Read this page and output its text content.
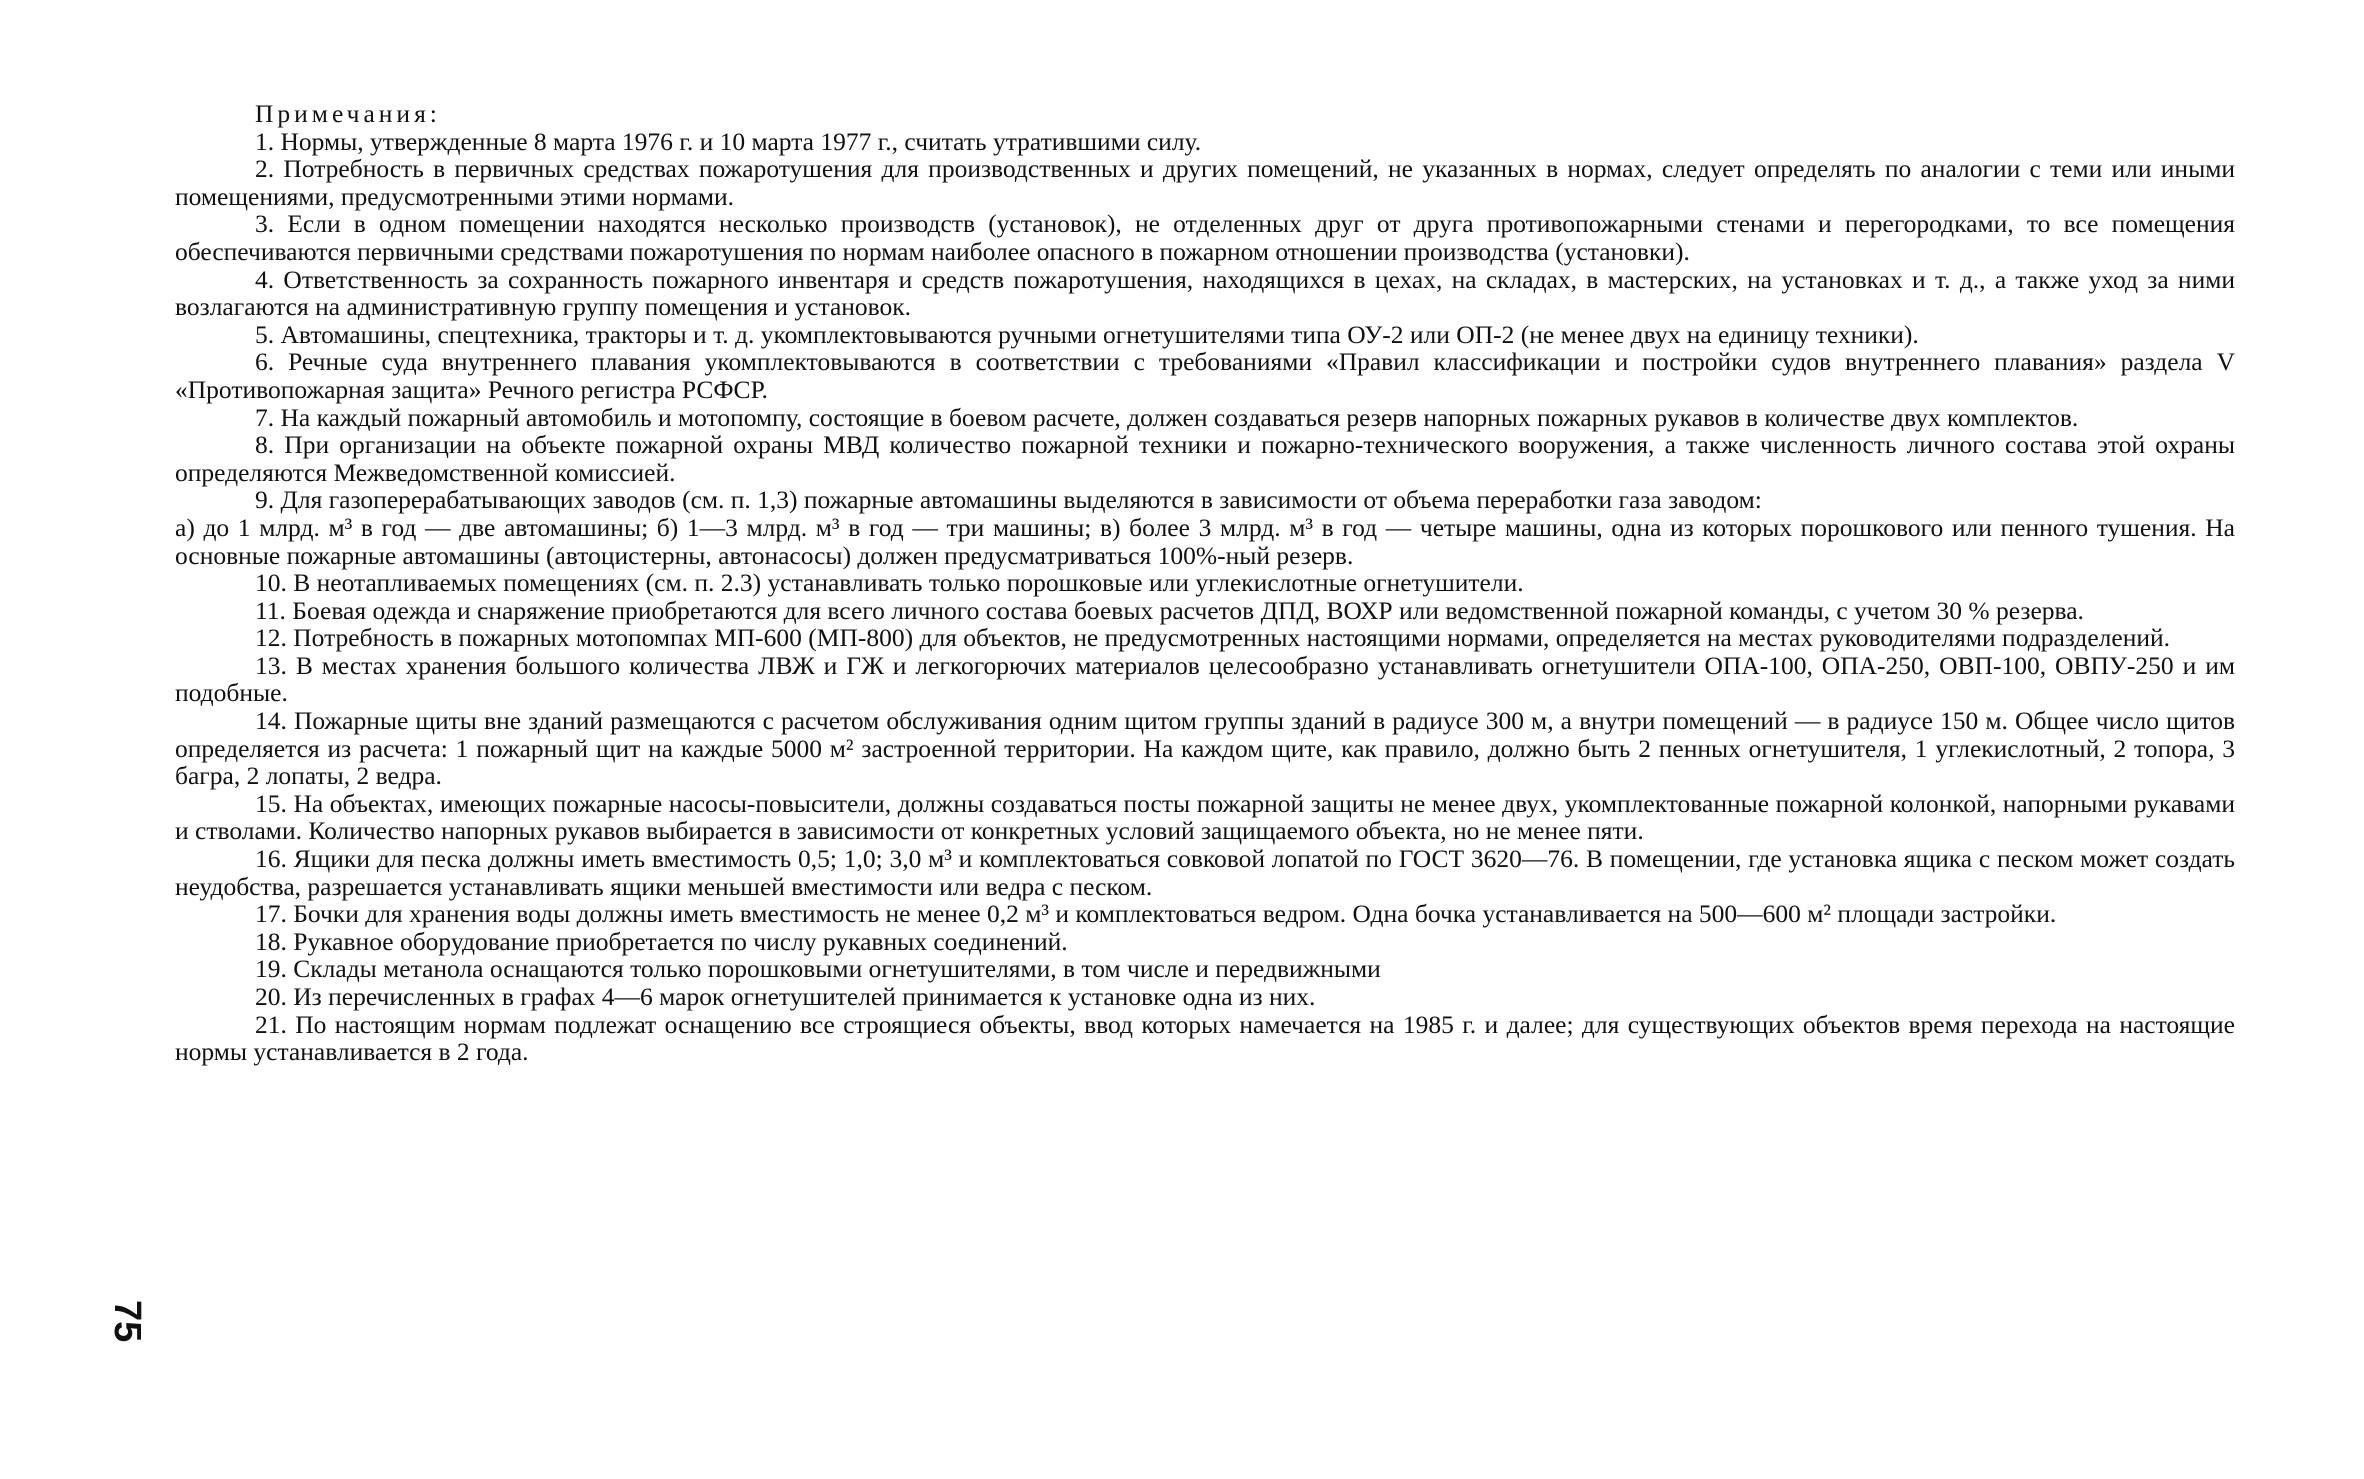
Примечания:

1. Нормы, утвержденные 8 марта 1976 г. и 10 марта 1977 г., считать утратившими силу.

2. Потребность в первичных средствах пожаротушения для производственных и других помещений, не указанных в нормах, следует определять по аналогии с теми или иными помещениями, предусмотренными этими нормами.

3. Если в одном помещении находятся несколько производств (установок), не отделенных друг от друга противопожарными стенами и перегородками, то все помещения обеспечиваются первичными средствами пожаротушения по нормам наиболее опасного в пожарном отношении производства (установки).

4. Ответственность за сохранность пожарного инвентаря и средств пожаротушения, находящихся в цехах, на складах, в мастерских, на установках и т. д., а также уход за ними возлагаются на административную группу помещения и установок.

5. Автомашины, спецтехника, тракторы и т. д. укомплектовываются ручными огнетушителями типа ОУ-2 или ОП-2 (не менее двух на единицу техники).

6. Речные суда внутреннего плавания укомплектовываются в соответствии с требованиями «Правил классификации и постройки судов внутреннего плавания» раздела V «Противопожарная защита» Речного регистра РСФСР.

7. На каждый пожарный автомобиль и мотопомпу, состоящие в боевом расчете, должен создаваться резерв напорных пожарных рукавов в количестве двух комплектов.

8. При организации на объекте пожарной охраны МВД количество пожарной техники и пожарно-технического вооружения, а также численность личного состава этой охраны определяются Межведомственной комиссией.

9. Для газоперерабатывающих заводов (см. п. 1,3) пожарные автомашины выделяются в зависимости от объема переработки газа заводом:

а) до 1 млрд. м³ в год — две автомашины; б) 1—3 млрд. м³ в год — три машины; в) более 3 млрд. м³ в год — четыре машины, одна из которых порошкового или пенного тушения. На основные пожарные автомашины (автоцистерны, автонасосы) должен предусматриваться 100%-ный резерв.

10. В неотапливаемых помещениях (см. п. 2.3) устанавливать только порошковые или углекислотные огнетушители.

11. Боевая одежда и снаряжение приобретаются для всего личного состава боевых расчетов ДПД, ВОХР или ведомственной пожарной команды, с учетом 30 % резерва.

12. Потребность в пожарных мотопомпах МП-600 (МП-800) для объектов, не предусмотренных настоящими нормами, определяется на местах руководителями подразделений.

13. В местах хранения большого количества ЛВЖ и ГЖ и легкогорючих материалов целесообразно устанавливать огнетушители ОПА-100, ОПА-250, ОВП-100, ОВПУ-250 и им подобные.

14. Пожарные щиты вне зданий размещаются с расчетом обслуживания одним щитом группы зданий в радиусе 300 м, а внутри помещений — в радиусе 150 м. Общее число щитов определяется из расчета: 1 пожарный щит на каждые 5000 м² застроенной территории. На каждом щите, как правило, должно быть 2 пенных огнетушителя, 1 углекислотный, 2 топора, 3 багра, 2 лопаты, 2 ведра.

15. На объектах, имеющих пожарные насосы-повысители, должны создаваться посты пожарной защиты не менее двух, укомплектованные пожарной колонкой, напорными рукавами и стволами. Количество напорных рукавов выбирается в зависимости от конкретных условий защищаемого объекта, но не менее пяти.

16. Ящики для песка должны иметь вместимость 0,5; 1,0; 3,0 м³ и комплектоваться совковой лопатой по ГОСТ 3620—76. В помещении, где установка ящика с песком может создать неудобства, разрешается устанавливать ящики меньшей вместимости или ведра с песком.

17. Бочки для хранения воды должны иметь вместимость не менее 0,2 м³ и комплектоваться ведром. Одна бочка устанавливается на 500—600 м² площади застройки.

18. Рукавное оборудование приобретается по числу рукавных соединений.

19. Склады метанола оснащаются только порошковыми огнетушителями, в том числе и передвижными

20. Из перечисленных в графах 4—6 марок огнетушителей принимается к установке одна из них.

21. По настоящим нормам подлежат оснащению все строящиеся объекты, ввод которых намечается на 1985 г. и далее; для существующих объектов время перехода на настоящие нормы устанавливается в 2 года.

75
